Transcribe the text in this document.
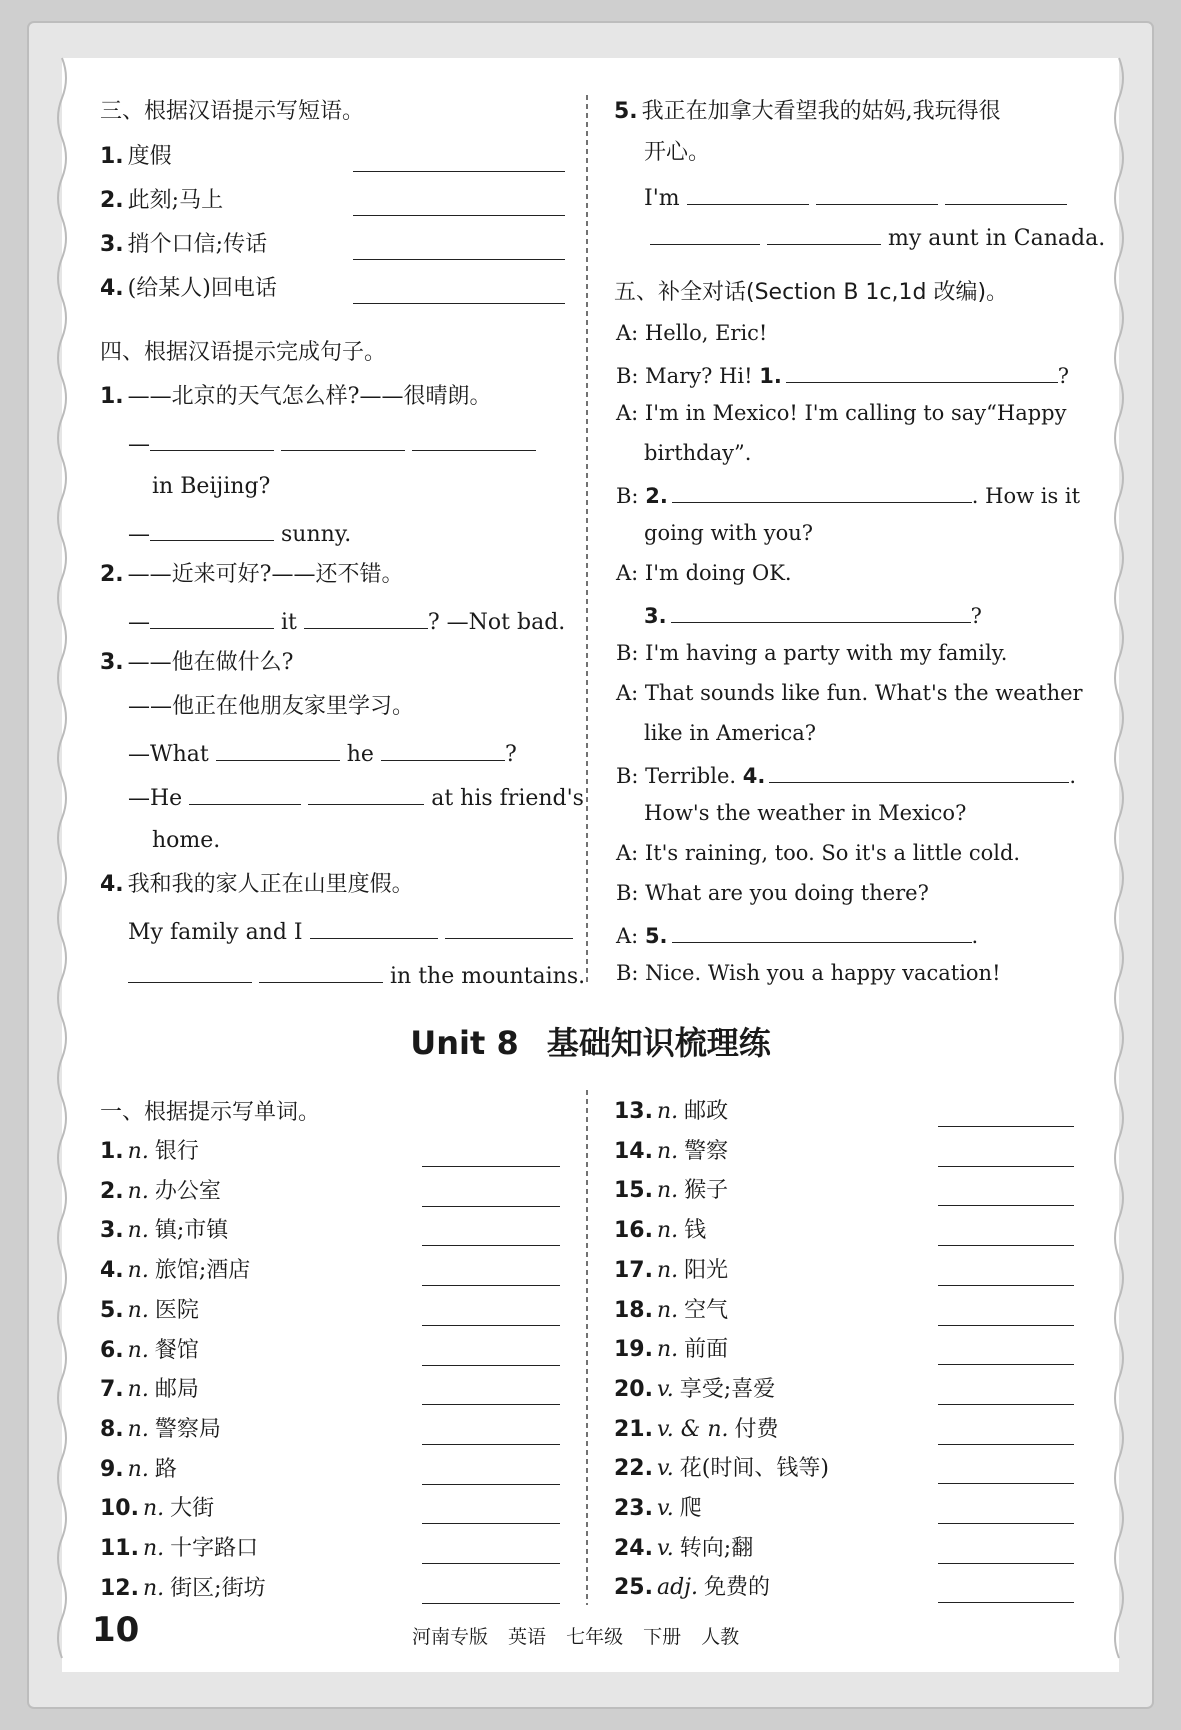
三、根据汉语提示写短语。
1. 度假
2. 此刻;马上
3. 捎个口信;传话
4. (给某人)回电话
四、根据汉语提示完成句子。
1. ——北京的天气怎么样?——很晴朗。
—
in Beijing?
—	sunny.
2. ——近来可好?——还不错。
—	it	? —Not bad.
3. ——他在做什么?
——他正在他朋友家里学习。
—What	he	?
—He	at his friend's
home.
4. 我和我的家人正在山里度假。
My family and I
in the mountains.
5. 我正在加拿大看望我的姑妈,我玩得很
开心。
I'm
my aunt in Canada.
五、补全对话(Section B 1c,1d 改编)。
A: Hello, Eric!
B: Mary? Hi! 1.	?
A: I'm in Mexico! I'm calling to say“Happy
birthday”.
B: 2.	. How is it
going with you?
A: I'm doing OK.
3.	?
B: I'm having a party with my family.
A: That sounds like fun. What's the weather
like in America?
B: Terrible. 4.	.
How's the weather in Mexico?
A: It's raining, too. So it's a little cold.
B: What are you doing there?
A: 5.	.
B: Nice. Wish you a happy vacation!
Unit 8 基础知识梳理练
一、根据提示写单词。
1. n. 银行
2. n. 办公室
3. n. 镇;市镇
4. n. 旅馆;酒店
5. n. 医院
6. n. 餐馆
7. n. 邮局
8. n. 警察局
9. n. 路
10. n. 大街
11. n. 十字路口
12. n. 街区;街坊
13. n. 邮政
14. n. 警察
15. n. 猴子
16. n. 钱
17. n. 阳光
18. n. 空气
19. n. 前面
20. v. 享受;喜爱
21. v. & n. 付费
22. v. 花(时间、钱等)
23. v. 爬
24. v. 转向;翻
25. adj. 免费的
10	河南专版 英语 七年级 下册 人教
